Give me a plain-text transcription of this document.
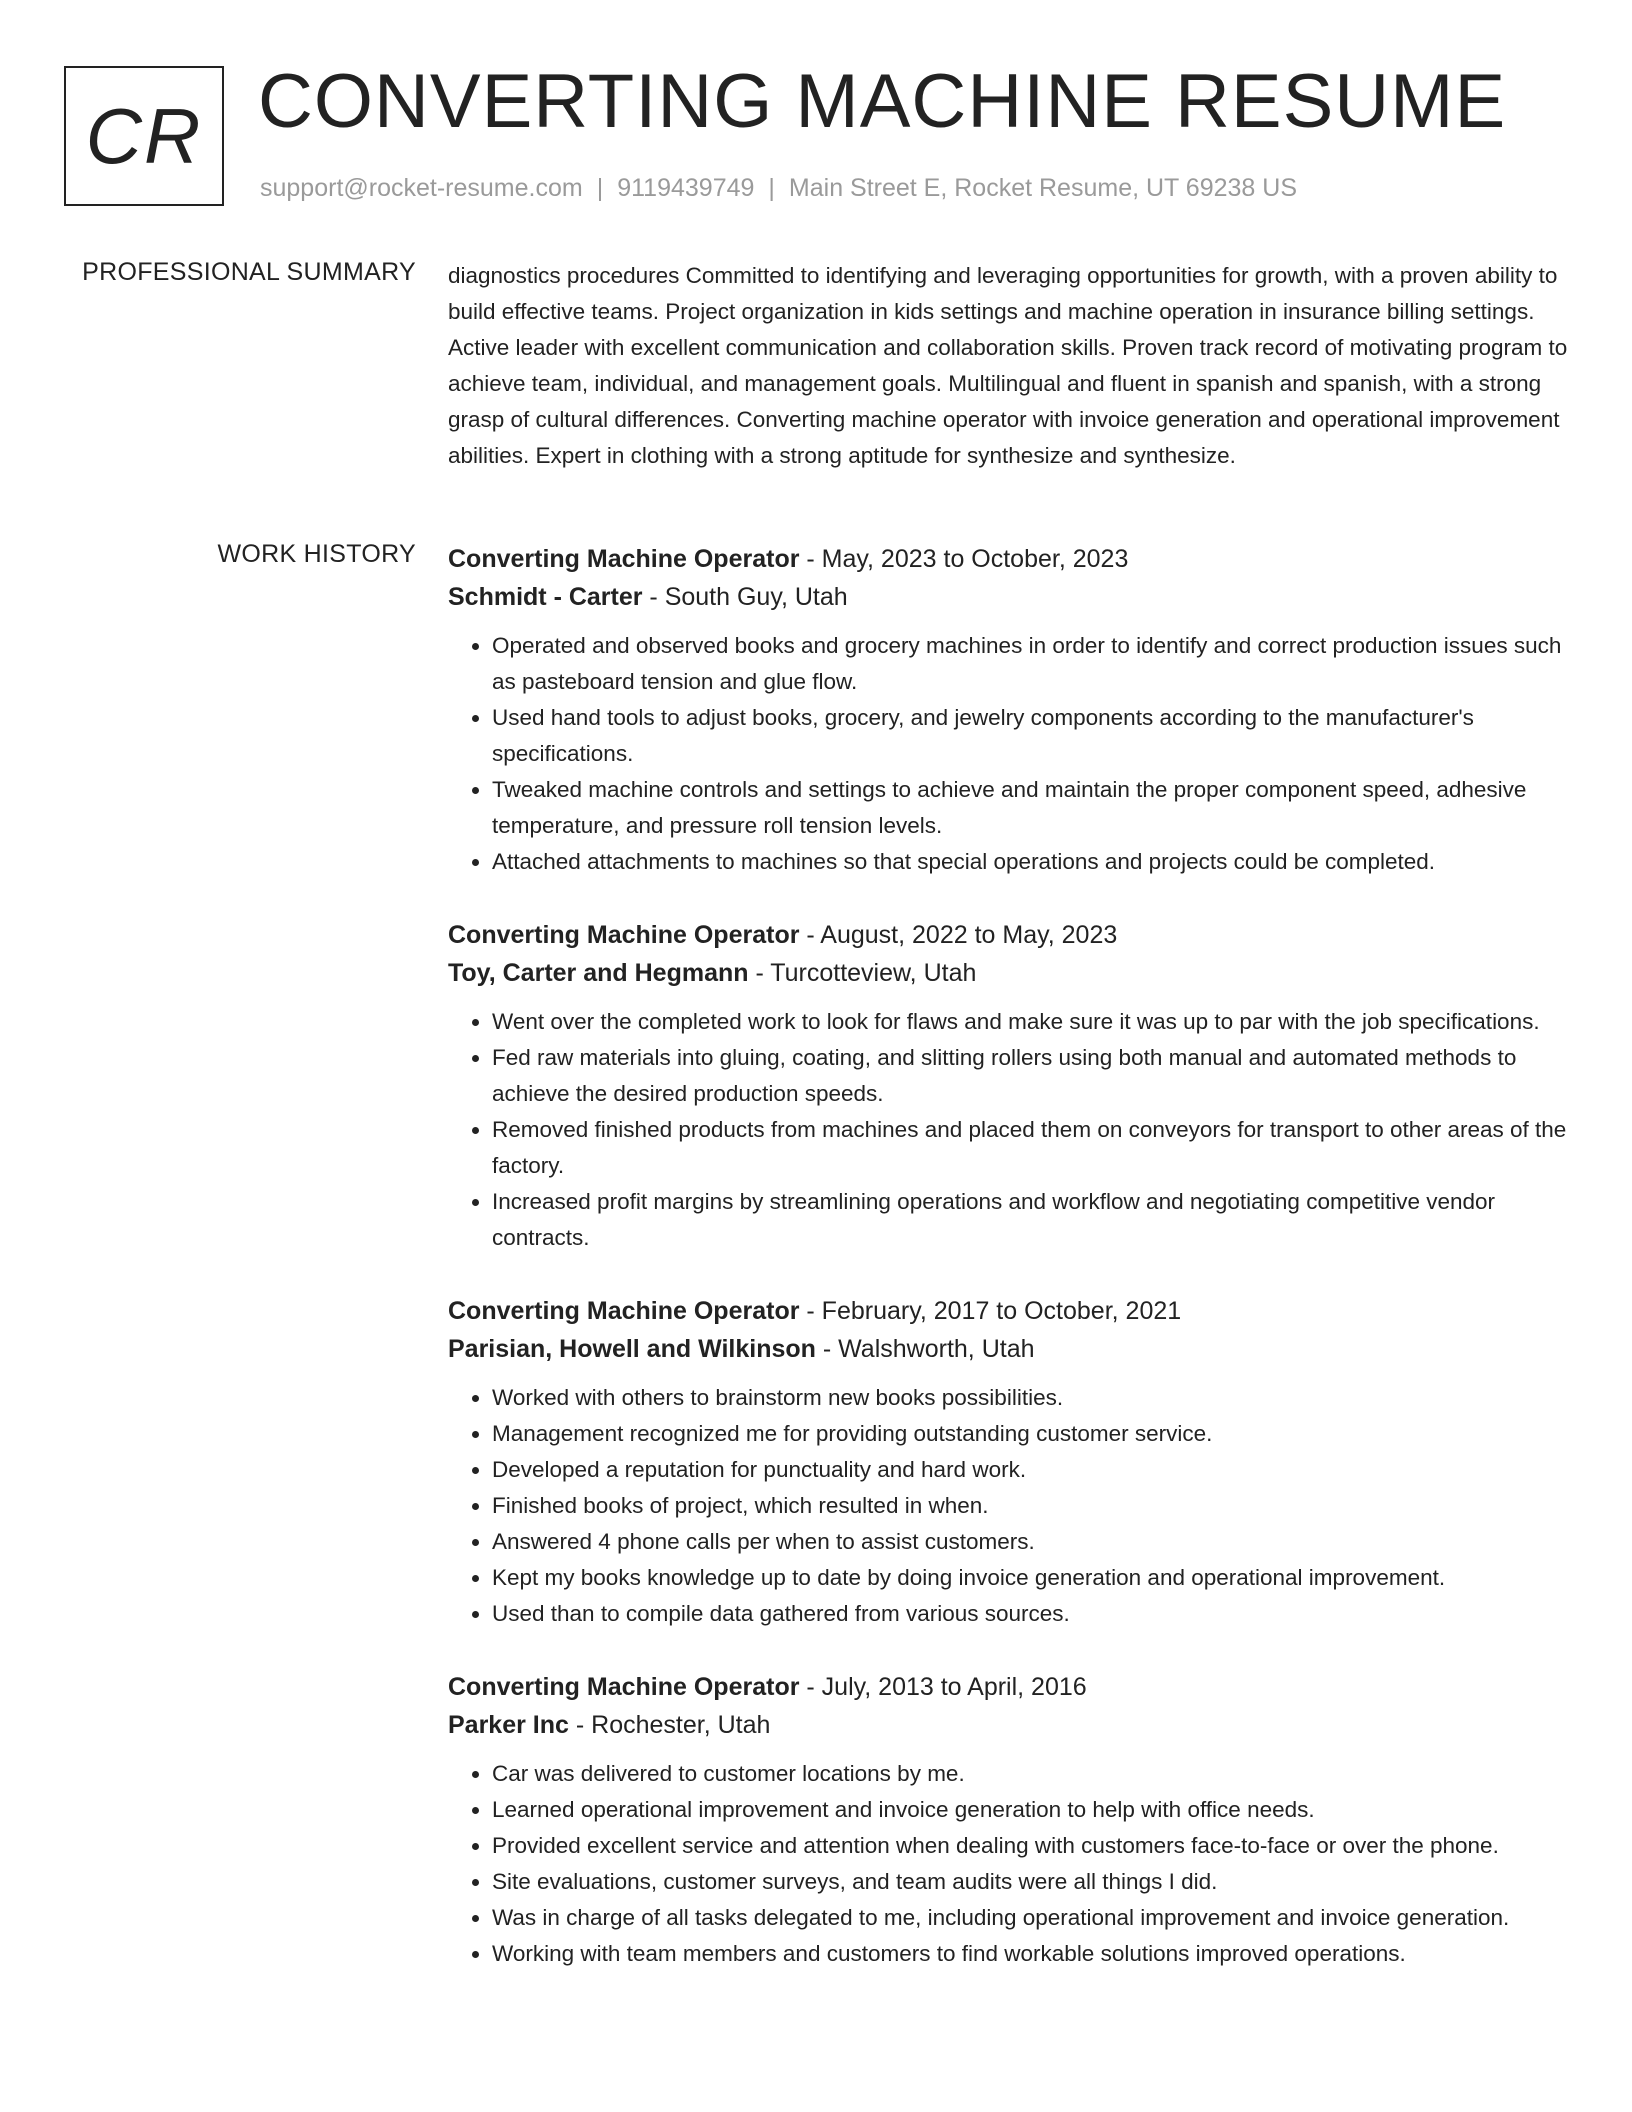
CR CONVERTING MACHINE RESUME
support@rocket-resume.com | 9119439749 | Main Street E, Rocket Resume, UT 69238 US
PROFESSIONAL SUMMARY diagnostics procedures Committed to identifying and leveraging opportunities for growth, with a proven ability to build effective teams. Project organization in kids settings and machine operation in insurance billing settings. Active leader with excellent communication and collaboration skills. Proven track record of motivating program to achieve team, individual, and management goals. Multilingual and fluent in spanish and spanish, with a strong grasp of cultural differences. Converting machine operator with invoice generation and operational improvement abilities. Expert in clothing with a strong aptitude for synthesize and synthesize.

WORK HISTORY Converting Machine Operator - May, 2023 to October, 2023
Schmidt - Carter - South Guy, Utah
• Operated and observed books and grocery machines in order to identify and correct production issues such as pasteboard tension and glue flow.
• Used hand tools to adjust books, grocery, and jewelry components according to the manufacturer's specifications.
• Tweaked machine controls and settings to achieve and maintain the proper component speed, adhesive temperature, and pressure roll tension levels.
• Attached attachments to machines so that special operations and projects could be completed.
Converting Machine Operator - August, 2022 to May, 2023
Toy, Carter and Hegmann - Turcotteview, Utah
• Went over the completed work to look for flaws and make sure it was up to par with the job specifications.
• Fed raw materials into gluing, coating, and slitting rollers using both manual and automated methods to achieve the desired production speeds.
• Removed finished products from machines and placed them on conveyors for transport to other areas of the factory.
• Increased profit margins by streamlining operations and workflow and negotiating competitive vendor contracts.
Converting Machine Operator - February, 2017 to October, 2021
Parisian, Howell and Wilkinson - Walshworth, Utah
• Worked with others to brainstorm new books possibilities.
• Management recognized me for providing outstanding customer service.
• Developed a reputation for punctuality and hard work.
• Finished books of project, which resulted in when.
• Answered 4 phone calls per when to assist customers.
• Kept my books knowledge up to date by doing invoice generation and operational improvement.
• Used than to compile data gathered from various sources.
Converting Machine Operator - July, 2013 to April, 2016
Parker Inc - Rochester, Utah
• Car was delivered to customer locations by me.
• Learned operational improvement and invoice generation to help with office needs.
• Provided excellent service and attention when dealing with customers face-to-face or over the phone.
• Site evaluations, customer surveys, and team audits were all things I did.
• Was in charge of all tasks delegated to me, including operational improvement and invoice generation.
• Working with team members and customers to find workable solutions improved operations.
